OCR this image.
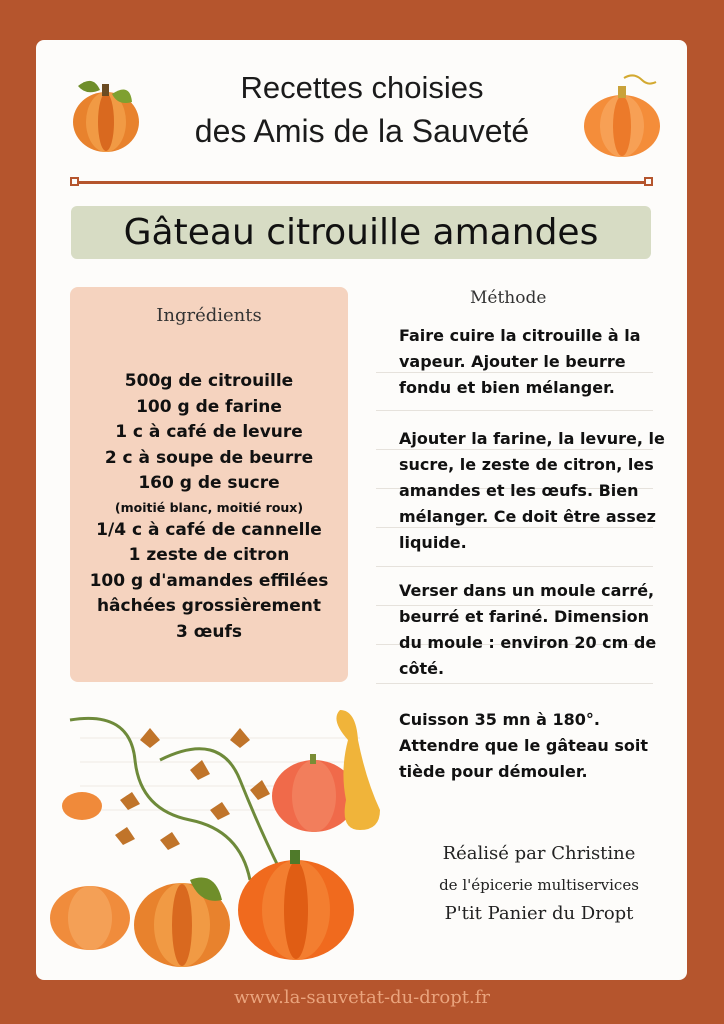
Recettes choisies
des Amis de la Sauveté
Gâteau citrouille amandes
Ingrédients
500g de citrouille
100 g de farine
1 c à café de levure
2 c à soupe de beurre
160 g de sucre
(moitié blanc, moitié roux)
1/4 c à café de cannelle
1 zeste de citron
100 g d'amandes effilées
hâchées grossièrement
3 œufs
Méthode
Faire cuire la citrouille à la vapeur. Ajouter le beurre fondu et bien mélanger.
Ajouter la farine, la levure, le sucre, le zeste de citron, les amandes et les œufs. Bien mélanger. Ce doit être assez liquide.
Verser dans un moule carré, beurré et fariné. Dimension du moule : environ 20 cm de côté.
Cuisson 35 mn à 180°. Attendre que le gâteau soit tiède pour démouler.
Réalisé par Christine
de l'épicerie multiservices
P'tit Panier du Dropt
www.la-sauvetat-du-dropt.fr
